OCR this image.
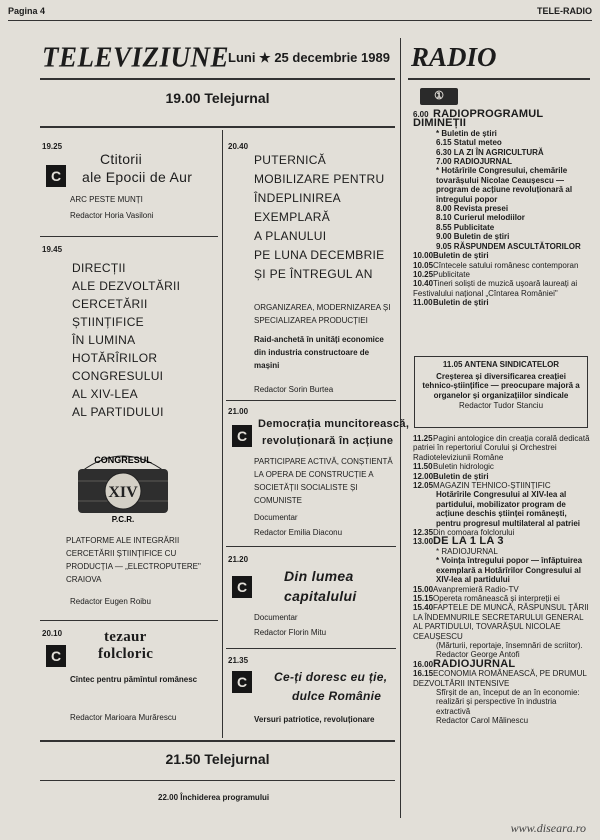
Pagina 4	TELE-RADIO
TELEVIZIUNE
Luni ★ 25 decembrie 1989 RADIO
19.00 Telejurnal
19.25
C
Ctitorii
ale Epocii de Aur
ARC PESTE MUNȚI
Redactor Horia Vasiloni
19.45
DIRECȚII
ALE DEZVOLTĂRII
CERCETĂRII
ȘTIINȚIFICE
ÎN LUMINA
HOTĂRÎRILOR
CONGRESULUI
AL XIV-LEA
AL PARTIDULUI
CONGRESUL
XIV
P.C.R.
PLATFORME ALE INTEGRĂRII CERCETĂRII ȘTIINȚIFICE CU PRODUCȚIA — „ELECTROPUTERE" CRAIOVA
Redactor Eugen Roibu
20.10
C
tezaur
folcloric
Cîntec pentru pămîntul românesc
Redactor Marioara Murărescu
20.40
PUTERNICĂ
MOBILIZARE PENTRU
ÎNDEPLINIREA
EXEMPLARĂ
A PLANULUI
PE LUNA DECEMBRIE
ȘI PE ÎNTREGUL AN
ORGANIZAREA, MODERNIZAREA ȘI SPECIALIZAREA PRODUCȚIEI
Raid-anchetă în unități economice din industria constructoare de mașini
Redactor Sorin Burtea
21.00
C
Democrația muncitorească,
revoluționară în acțiune
PARTICIPARE ACTIVĂ, CONȘTIENTĂ LA OPERA DE CONSTRUCȚIE A SOCIETĂȚII SOCIALISTE ȘI COMUNISTE
Documentar
Redactor Emilia Diaconu
21.20
C
Din lumea
capitalului
Documentar
Redactor Florin Mitu
21.35
C	Ce-ți doresc eu ție,
dulce Românie
Versuri patriotice, revoluționare
21.50 Telejurnal
22.00 Închiderea programului
①
6.00 RADIOPROGRAMUL DIMINEȚII
* Buletin de știri
6.15 Statul meteo
6.30 LA ZI ÎN AGRICULTURĂ
7.00 RADIOJURNAL
* Hotărîrile Congresului, chemările tovarășului Nicolae Ceaușescu — program de acțiune revoluționară al întregului popor
8.00 Revista presei
8.10 Curierul melodiilor
8.55 Publicitate
9.00 Buletin de știri
9.05 RĂSPUNDEM ASCULTĂTORILOR
10.00Buletin de știri
10.05Cîntecele satului românesc contemporan
10.25Publicitate
10.40Tineri soliști de muzică ușoară laureați ai Festivalului național „Cîntarea României"
11.00Buletin de știri
11.05 ANTENA SINDICATELOR
Creșterea și diversificarea creației tehnico-științifice — preocupare majoră a organelor și organizațiilor sindicale
Redactor Tudor Stanciu
11.25Pagini antologice din creația corală dedicată patriei în repertoriul Corului și Orchestrei Radioteleviziunii Române
11.50Buletin hidrologic
12.00Buletin de știri
12.05MAGAZIN TEHNICO-ȘTIINȚIFIC
Hotărîrile Congresului al XIV-lea al partidului, mobilizator program de acțiune deschis științei românești, pentru progresul multilateral al patriei
12.35Din comoara folclorului
13.00DE LA 1 LA 3
* RADIOJURNAL
* Voința întregului popor — înfăptuirea exemplară a Hotărîrilor Congresului al XIV-lea al partidului
15.00Avanpremieră Radio-TV
15.15Opereta românească și interpreții ei
15.40FAPTELE DE MUNCĂ, RĂSPUNSUL ȚĂRII LA ÎNDEMNURILE SECRETARULUI GENERAL AL PARTIDULUI, TOVARĂȘUL NICOLAE CEAUȘESCU
(Mărturii, reportaje, însemnări de scriitor). Redactor George Antofi
16.00RADIOJURNAL
16.15ECONOMIA ROMÂNEASCĂ, PE DRUMUL DEZVOLTĂRII INTENSIVE
Sfîrșit de an, început de an în economie: realizări și perspective în industria extractivă
Redactor Carol Mălinescu
www.diseara.ro
